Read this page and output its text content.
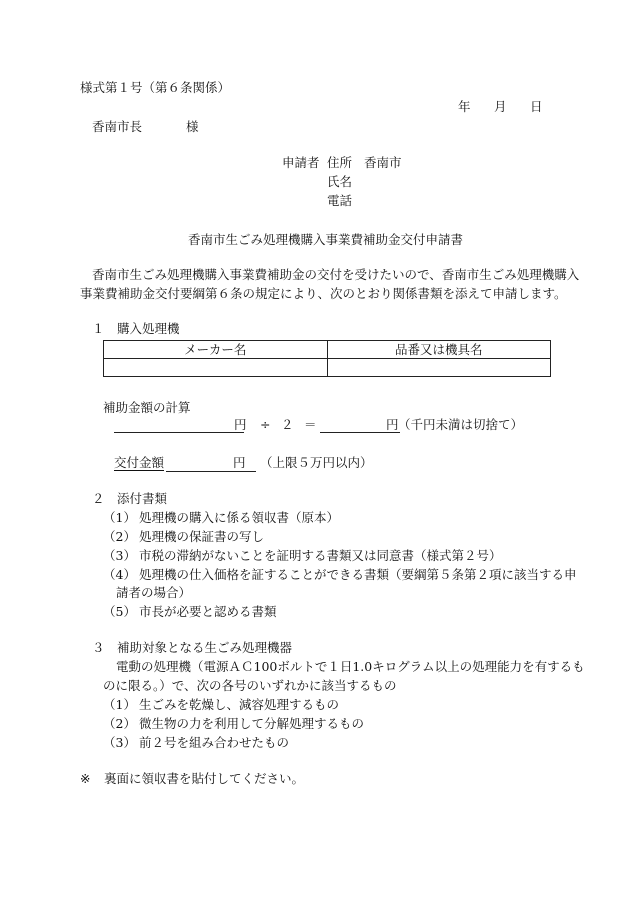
様式第１号（第６条関係）
年 月 日
香南市長	様
申請者 住所 香南市
氏名
電話
香南市生ごみ処理機購入事業費補助金交付申請書
香南市生ごみ処理機購入事業費補助金の交付を受けたいので、香南市生ごみ処理機購入
事業費補助金交付要綱第６条の規定により、次のとおり関係書類を添えて申請します。
１　購入処理機
メーカー名	品番又は機具名

補助金額の計算
円 ÷ ２ ＝	円 （千円未満は切捨て）
交付金額	円 （上限５万円以内）
２　添付書類
（1） 処理機の購入に係る領収書（原本）
（2） 処理機の保証書の写し
（3） 市税の滞納がないことを証明する書類又は同意書（様式第２号）
（4） 処理機の仕入価格を証することができる書類（要綱第５条第２項に該当する申
請者の場合）
（5） 市長が必要と認める書類
３　補助対象となる生ごみ処理機器
電動の処理機（電源ＡＣ100ボルトで１日1.0キログラム以上の処理能力を有するも
のに限る。）で、次の各号のいずれかに該当するもの
（1） 生ごみを乾燥し、減容処理するもの
（2） 微生物の力を利用して分解処理するもの
（3） 前２号を組み合わせたもの
※ 裏面に領収書を貼付してください。
